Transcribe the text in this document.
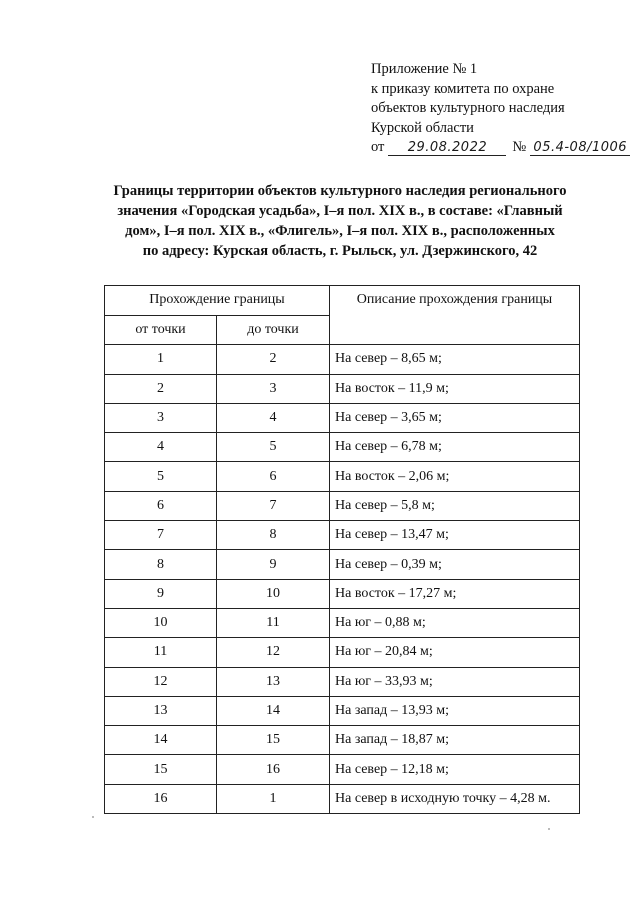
Приложение № 1
к приказу комитета по охране
объектов культурного наследия
Курской области
от 29.08.2022 № 05.4-08/1006
Границы территории объектов культурного наследия регионального
значения «Городская усадьба», I–я пол. XIX в., в составе: «Главный
дом», I–я пол. XIX в., «Флигель», I–я пол. XIX в., расположенных
по адресу: Курская область, г. Рыльск, ул. Дзержинского, 42
Прохождение границы		Описание прохождения границы
от точки	до точки	
1	2	На север – 8,65 м;
2	3	На восток – 11,9 м;
3	4	На север – 3,65 м;
4	5	На север – 6,78 м;
5	6	На восток – 2,06 м;
6	7	На север – 5,8 м;
7	8	На север – 13,47 м;
8	9	На север – 0,39 м;
9	10	На восток – 17,27 м;
10	11	На юг – 0,88 м;
11	12	На юг – 20,84 м;
12	13	На юг – 33,93 м;
13	14	На запад – 13,93 м;
14	15	На запад – 18,87 м;
15	16	На север – 12,18 м;
16	1	На север в исходную точку – 4,28 м.
